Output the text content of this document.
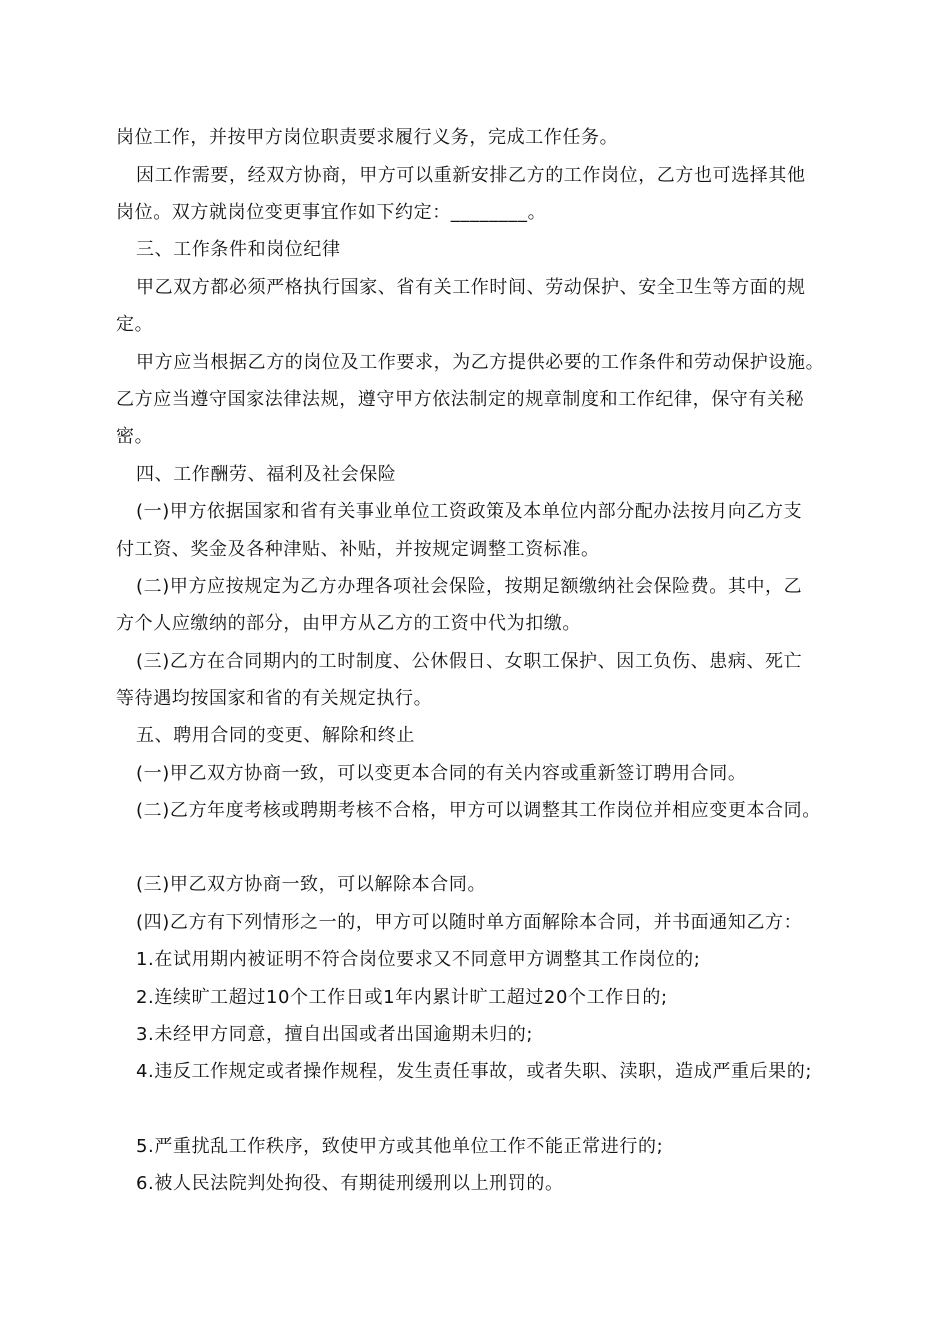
岗位工作，并按甲方岗位职责要求履行义务，完成工作任务。
因工作需要，经双方协商，甲方可以重新安排乙方的工作岗位，乙方也可选择其他
岗位。双方就岗位变更事宜作如下约定：________。
三、工作条件和岗位纪律
甲乙双方都必须严格执行国家、省有关工作时间、劳动保护、安全卫生等方面的规
定。
甲方应当根据乙方的岗位及工作要求，为乙方提供必要的工作条件和劳动保护设施。
乙方应当遵守国家法律法规，遵守甲方依法制定的规章制度和工作纪律，保守有关秘
密。
四、工作酬劳、福利及社会保险
(一)甲方依据国家和省有关事业单位工资政策及本单位内部分配办法按月向乙方支
付工资、奖金及各种津贴、补贴，并按规定调整工资标准。
(二)甲方应按规定为乙方办理各项社会保险，按期足额缴纳社会保险费。其中，乙
方个人应缴纳的部分，由甲方从乙方的工资中代为扣缴。
(三)乙方在合同期内的工时制度、公休假日、女职工保护、因工负伤、患病、死亡
等待遇均按国家和省的有关规定执行。
五、聘用合同的变更、解除和终止
(一)甲乙双方协商一致，可以变更本合同的有关内容或重新签订聘用合同。
(二)乙方年度考核或聘期考核不合格，甲方可以调整其工作岗位并相应变更本合同。
(三)甲乙双方协商一致，可以解除本合同。
(四)乙方有下列情形之一的，甲方可以随时单方面解除本合同，并书面通知乙方：
1.在试用期内被证明不符合岗位要求又不同意甲方调整其工作岗位的;
2.连续旷工超过10个工作日或1年内累计旷工超过20个工作日的;
3.未经甲方同意，擅自出国或者出国逾期未归的;
4.违反工作规定或者操作规程，发生责任事故，或者失职、渎职，造成严重后果的;
5.严重扰乱工作秩序，致使甲方或其他单位工作不能正常进行的;
6.被人民法院判处拘役、有期徒刑缓刑以上刑罚的。
